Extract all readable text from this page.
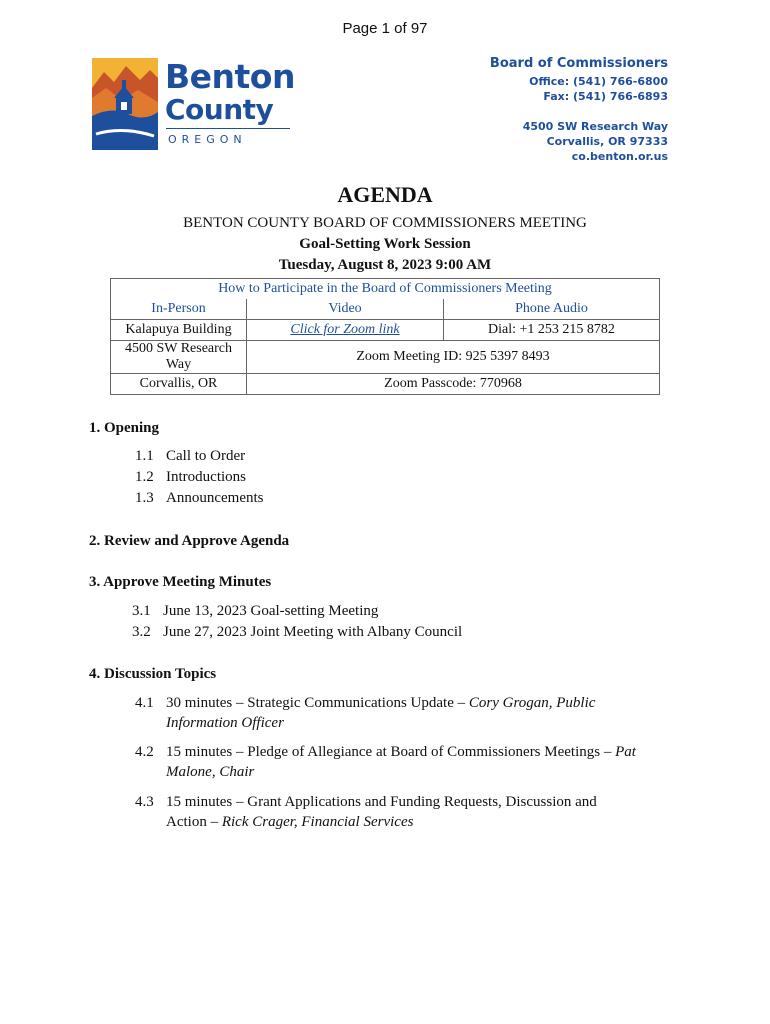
Page 1 of 97
Benton
County
OREGON
Board of Commissioners
Office: (541) 766-6800
Fax: (541) 766-6893
4500 SW Research Way
Corvallis, OR 97333
co.benton.or.us
AGENDA
BENTON COUNTY BOARD OF COMMISSIONERS MEETING
Goal-Setting Work Session
Tuesday, August 8, 2023 9:00 AM
How to Participate in the Board of Commissioners Meeting		
In-Person	Video	Phone Audio
Kalapuya Building	Click for Zoom link	Dial: +1 253 215 8782
4500 SW Research Way	Zoom Meeting ID: 925 5397 8493	
Corvallis, OR	Zoom Passcode: 770968	
1. Opening
1.1 Call to Order
1.2 Introductions
1.3 Announcements
2. Review and Approve Agenda
3. Approve Meeting Minutes
3.1 June 13, 2023 Goal-setting Meeting
3.2 June 27, 2023 Joint Meeting with Albany Council
4. Discussion Topics
4.1 30 minutes – Strategic Communications Update – Cory Grogan, Public
Information Officer
4.2 15 minutes – Pledge of Allegiance at Board of Commissioners Meetings – Pat
Malone, Chair
4.3 15 minutes – Grant Applications and Funding Requests, Discussion and
Action – Rick Crager, Financial Services
